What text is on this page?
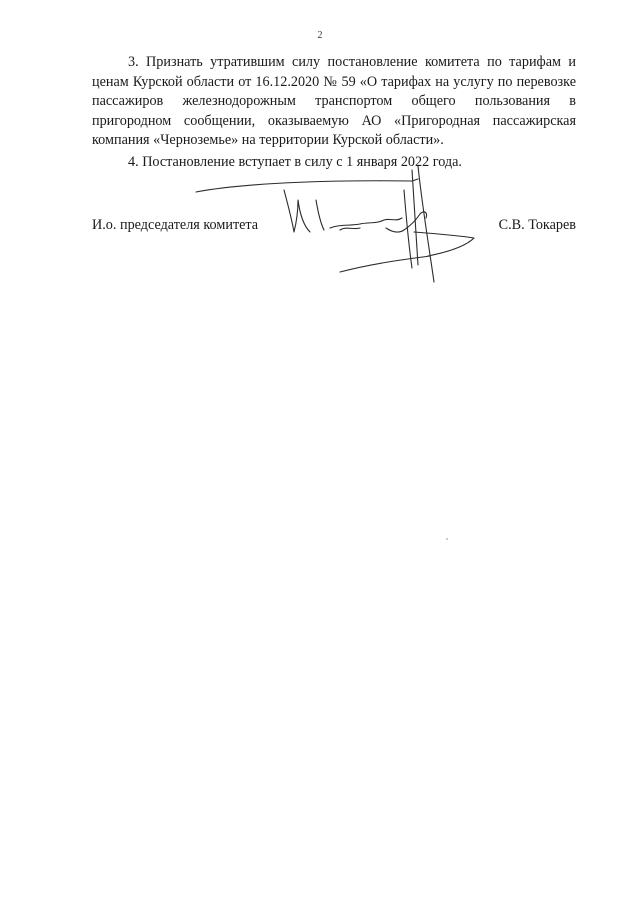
2

3. Признать утратившим силу постановление комитета по тарифам и ценам Курской области от 16.12.2020 № 59 «О тарифах на услугу по перевозке пассажиров железнодорожным транспортом общего пользования в пригородном сообщении, оказываемую АО «Пригородная пассажирская компания «Черноземье» на территории Курской области».

4. Постановление вступает в силу с 1 января 2022 года.

И.о. председателя комитета	С.В. Токарев
